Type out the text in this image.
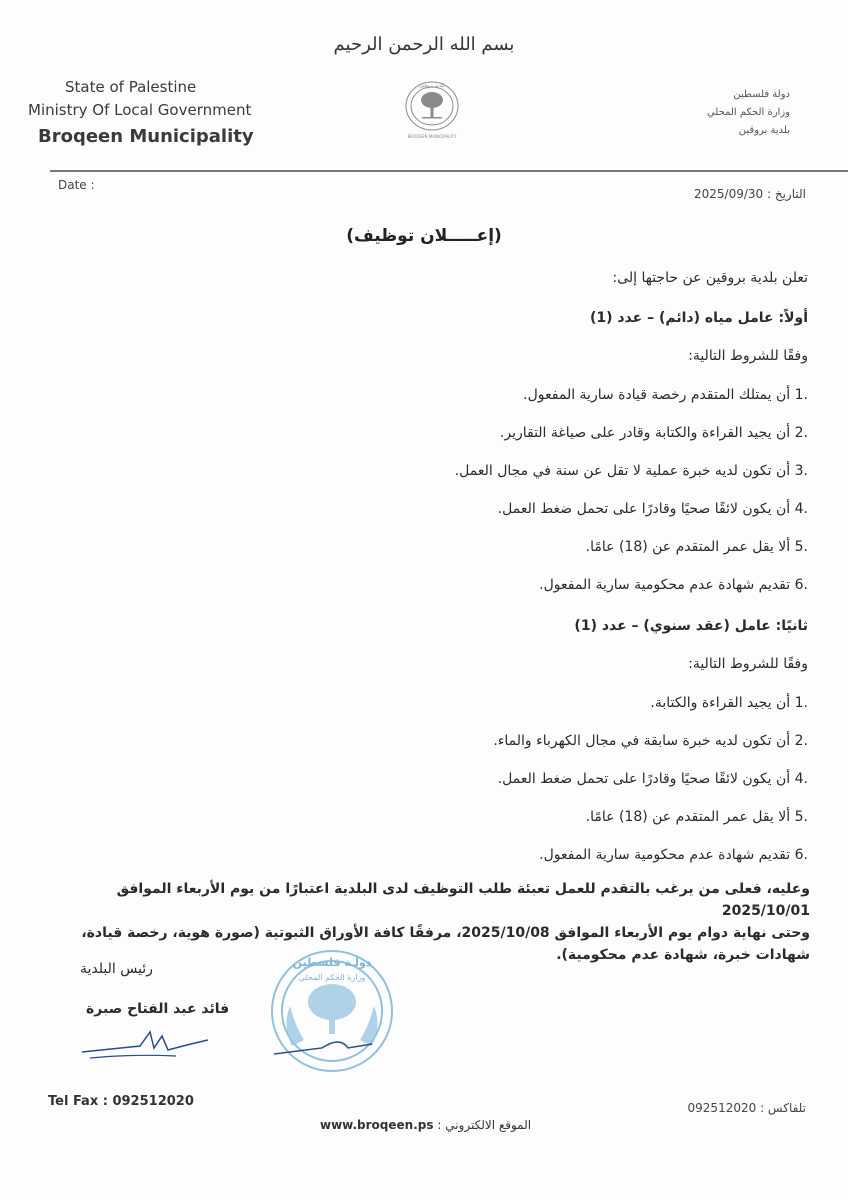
بسم الله الرحمن الرحيم
State of Palestine
Ministry Of Local Government
Broqeen Municipality
دولة فلسطين
وزارة الحكم المحلي
بلدية بروقين
بلدية بروقين
BROQEEN MUNICIPALITY
Date :
التاريخ : 2025/09/30
(إعـــــلان توظيف)
تعلن بلدية بروقين عن حاجتها إلى:
أولاً: عامل مياه (دائم) – عدد (1)
وفقًا للشروط التالية:
.1 أن يمتلك المتقدم رخصة قيادة سارية المفعول.
.2 أن يجيد القراءة والكتابة وقادر على صياغة التقارير.
.3 أن تكون لديه خبرة عملية لا تقل عن سنة في مجال العمل.
.4 أن يكون لائقًا صحيًا وقادرًا على تحمل ضغط العمل.
.5 ألا يقل عمر المتقدم عن (18) عامًا.
.6 تقديم شهادة عدم محكومية سارية المفعول.
ثانيًا: عامل (عقد سنوي) – عدد (1)
وفقًا للشروط التالية:
.1 أن يجيد القراءة والكتابة.
.2 أن تكون لديه خبرة سابقة في مجال الكهرباء والماء.
.4 أن يكون لائقًا صحيًا وقادرًا على تحمل ضغط العمل.
.5 ألا يقل عمر المتقدم عن (18) عامًا.
.6 تقديم شهادة عدم محكومية سارية المفعول.
وعليه، فعلى من يرغب بالتقدم للعمل تعبئة طلب التوظيف لدى البلدية اعتبارًا من يوم الأربعاء الموافق 2025/10/01
وحتى نهاية دوام يوم الأربعاء الموافق 2025/10/08، مرفقًا كافة الأوراق الثبوتية (صورة هوية، رخصة قيادة،
شهادات خبرة، شهادة عدم محكومية).
دولـة فلسطين
وزارة الحكم المحلي
رئيس البلدية
فائد عبد الفتاح صبرة
Tel Fax : 092512020	تلفاكس : 092512020
الموقع الالكتروني : www.broqeen.ps
